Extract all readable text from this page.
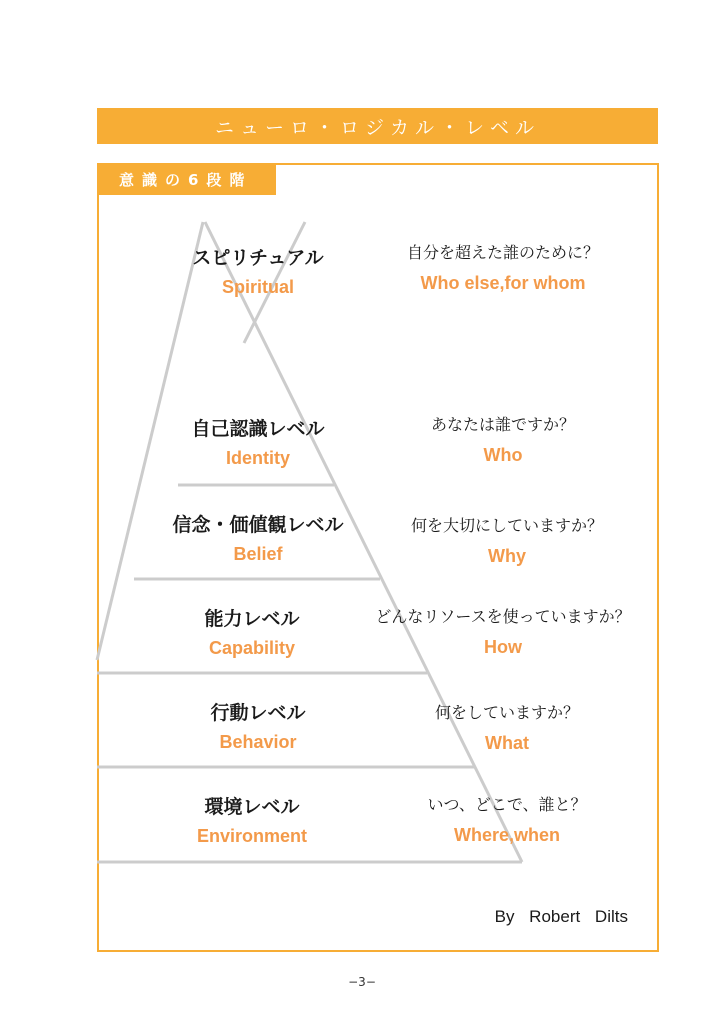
ニューロ・ロジカル・レベル
意識の6段階
スピリチュアル
Spiritual
自分を超えた誰のために？
Who else,for whom
自己認識レベル
Identity
あなたは誰ですか？
Who
信念・価値観レベル
Belief
何を大切にしていますか？
Why
能力レベル
Capability
どんなリソースを使っていますか？
How
行動レベル
Behavior
何をしていますか？
What
環境レベル
Environment
いつ、どこで、誰と？
Where,when
By Robert Dilts
−3−
